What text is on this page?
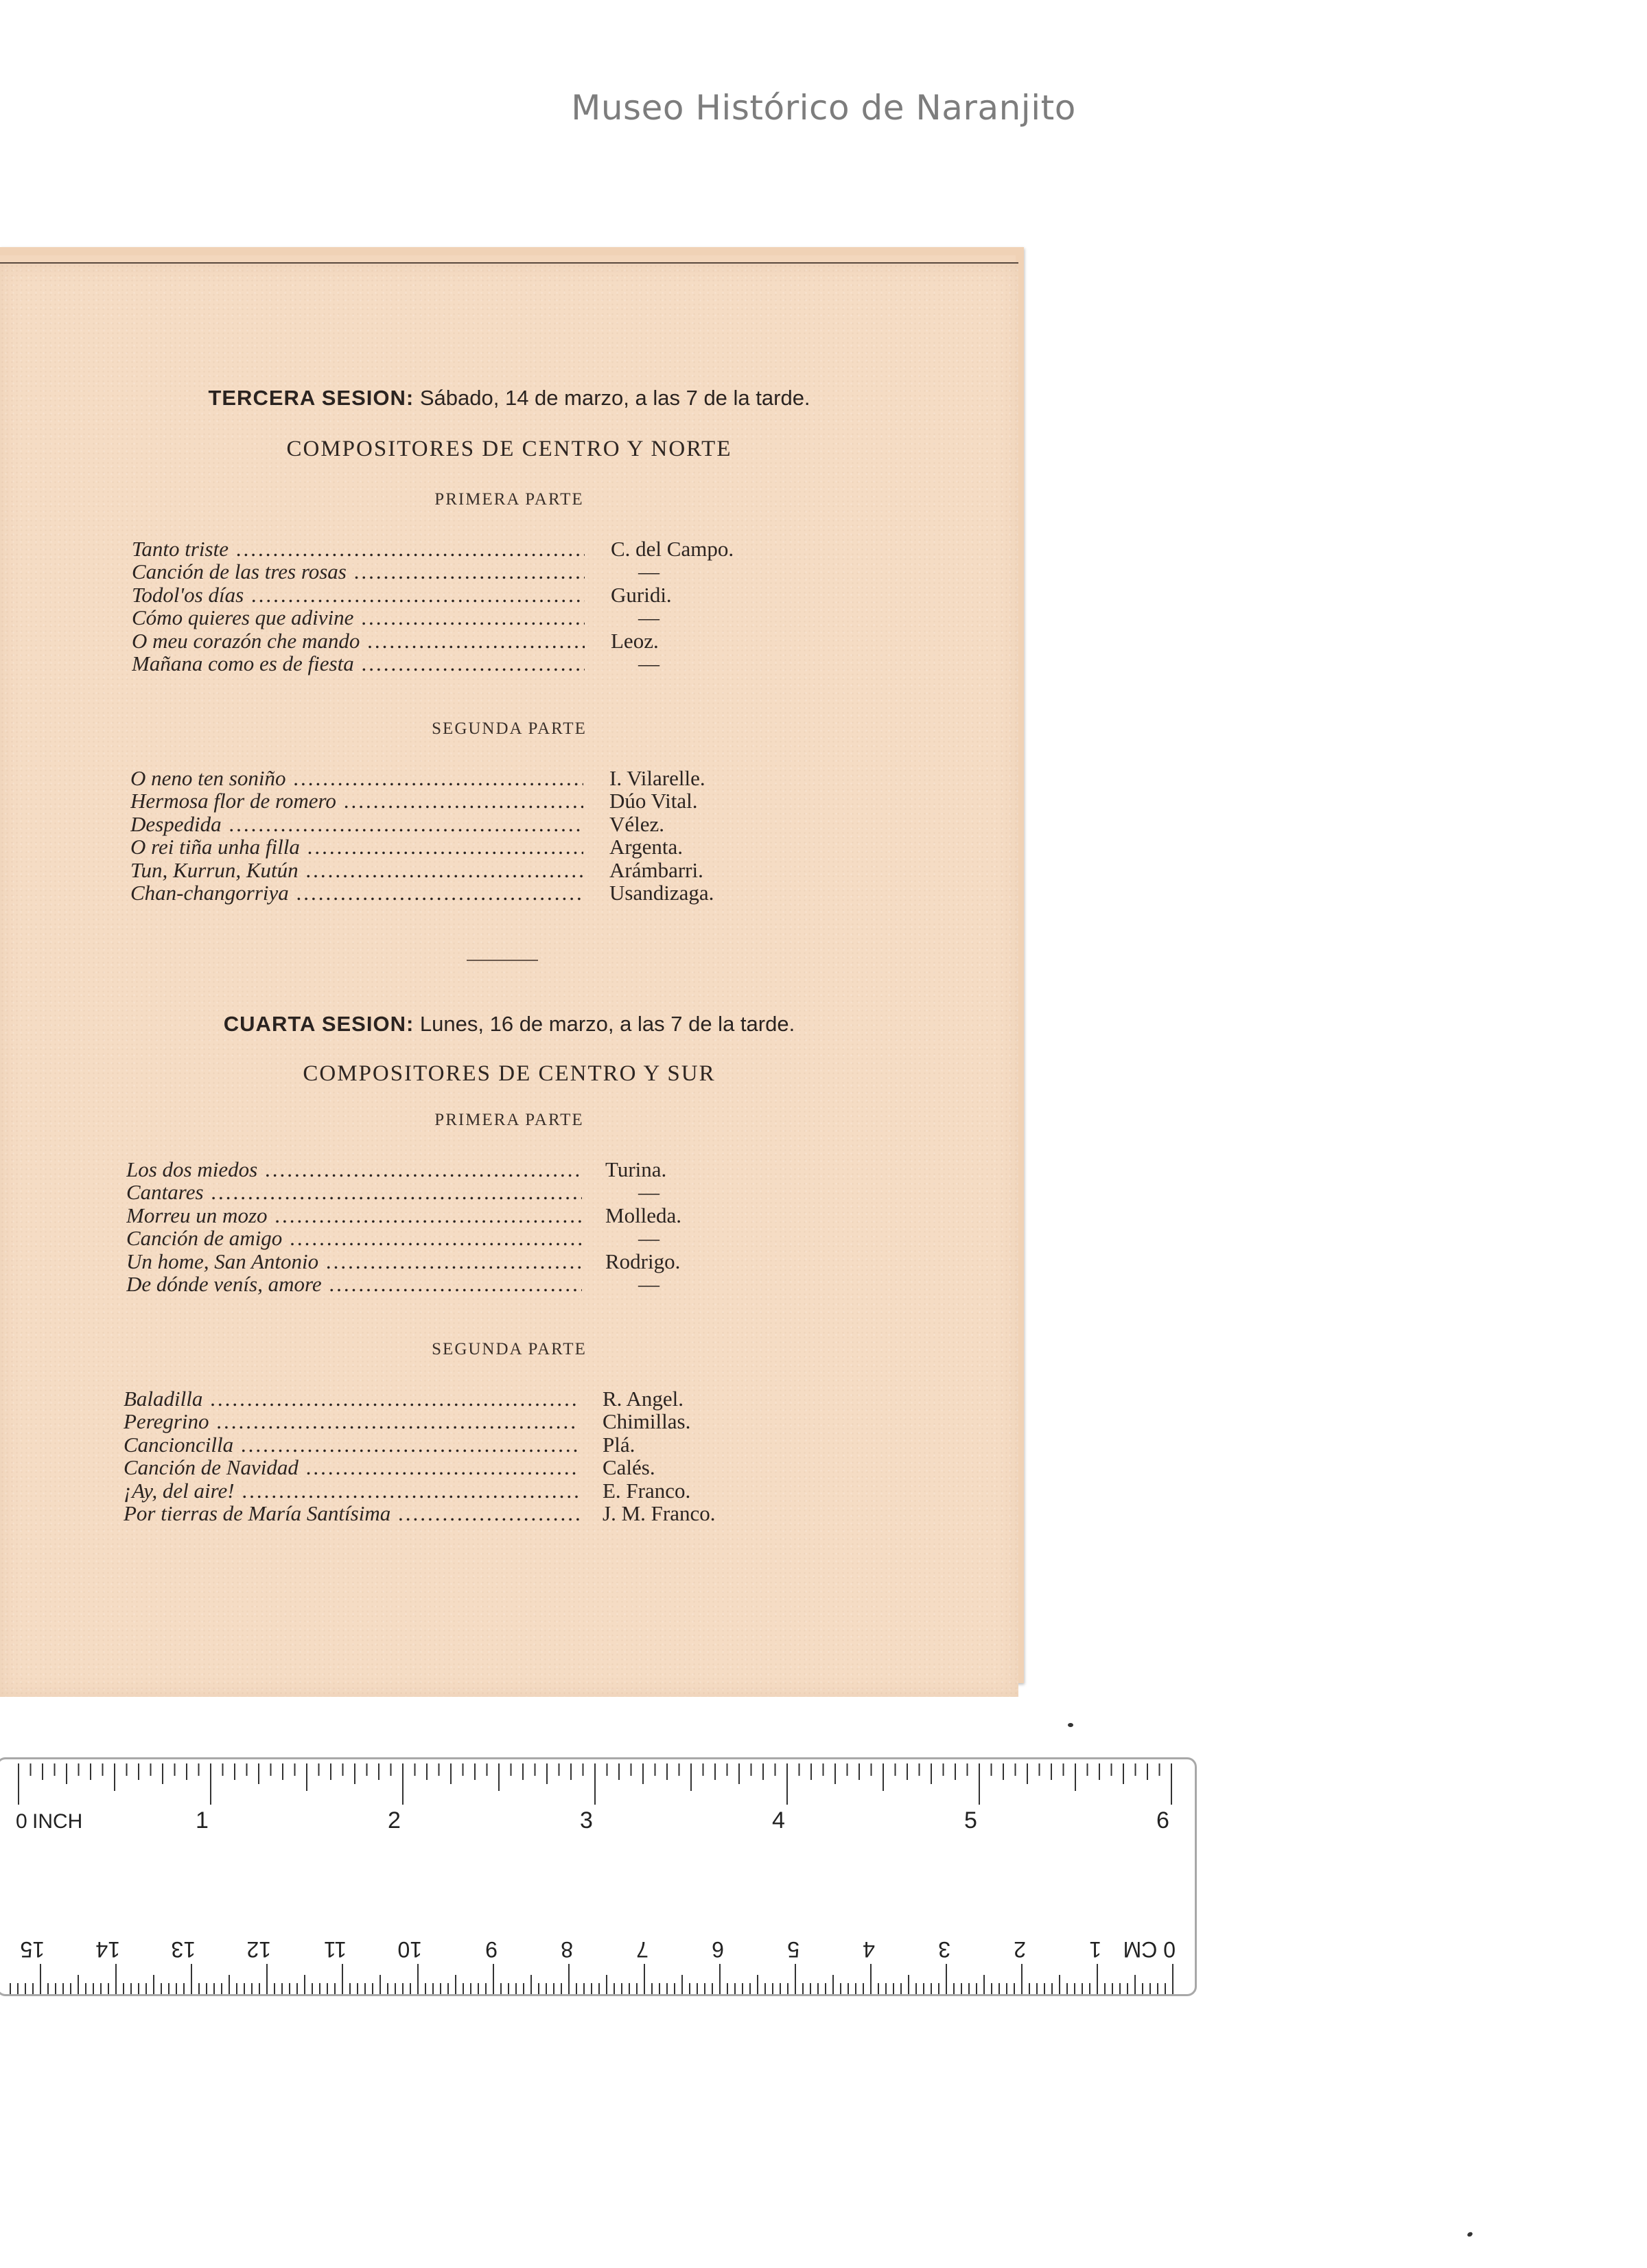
Museo Histórico de Naranjito
TERCERA SESION: Sábado, 14 de marzo, a las 7 de la tarde.
COMPOSITORES DE CENTRO Y NORTE
PRIMERA PARTE
Tanto triste .....	C. del Campo.
Canción de las tres rosas .....	—
Todol'os días .....	Guridi.
Cómo quieres que adivine .....	—
O meu corazón che mando .....	Leoz.
Mañana como es de fiesta .....	—
SEGUNDA PARTE
O neno ten soniño .....	I. Vilarelle.
Hermosa flor de romero .....	Dúo Vital.
Despedida .....	Vélez.
O rei tiña unha filla .....	Argenta.
Tun, Kurrun, Kutún .....	Arámbarri.
Chan-changorriya .....	Usandizaga.
CUARTA SESION: Lunes, 16 de marzo, a las 7 de la tarde.
COMPOSITORES DE CENTRO Y SUR
PRIMERA PARTE
Los dos miedos .....	Turina.
Cantares .....	—
Morreu un mozo .....	Molleda.
Canción de amigo .....	—
Un home, San Antonio .....	Rodrigo.
De dónde venís, amore .....	—
SEGUNDA PARTE
Baladilla .....	R. Angel.
Peregrino .....	Chimillas.
Cancioncilla .....	Plá.
Canción de Navidad .....	Calés.
¡Ay, del aire! .....	E. Franco.
Por tierras de María Santísima .....	J. M. Franco.
1	2	3	4	5	6
0
0 CM
1
2
3
4
5
6
7
8
9
10
11
12
13
14
15
INCH
